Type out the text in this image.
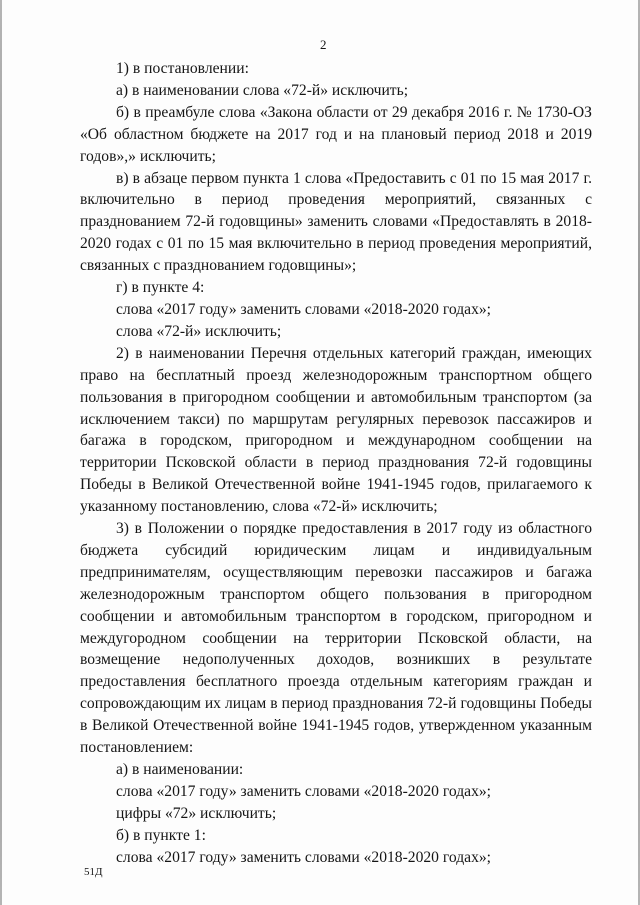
2

1) в постановлении:

а) в наименовании слова «72-й» исключить;

б) в преамбуле слова «Закона области от 29 декабря 2016 г. № 1730-ОЗ «Об областном бюджете на 2017 год и на плановый период 2018 и 2019 годов»,» исключить;

в) в абзаце первом пункта 1 слова «Предоставить с 01 по 15 мая 2017 г. включительно в период проведения мероприятий, связанных с празднованием 72-й годовщины» заменить словами «Предоставлять в 2018-2020 годах с 01 по 15 мая включительно в период проведения мероприятий, связанных с празднованием годовщины»;

г) в пункте 4:

слова «2017 году» заменить словами «2018-2020 годах»;

слова «72-й» исключить;

2) в наименовании Перечня отдельных категорий граждан, имеющих право на бесплатный проезд железнодорожным транспортном общего пользования в пригородном сообщении и автомобильным транспортом (за исключением такси) по маршрутам регулярных перевозок пассажиров и багажа в городском, пригородном и международном сообщении на территории Псковской области в период празднования 72-й годовщины Победы в Великой Отечественной войне 1941-1945 годов, прилагаемого к указанному постановлению, слова «72-й» исключить;

3) в Положении о порядке предоставления в 2017 году из областного бюджета субсидий юридическим лицам и индивидуальным предпринимателям, осуществляющим перевозки пассажиров и багажа железнодорожным транспортом общего пользования в пригородном сообщении и автомобильным транспортом в городском, пригородном и междугородном сообщении на территории Псковской области, на возмещение недополученных доходов, возникших в результате предоставления бесплатного проезда отдельным категориям граждан и сопровождающим их лицам в период празднования 72-й годовщины Победы в Великой Отечественной войне 1941-1945 годов, утвержденном указанным постановлением:

а) в наименовании:

слова «2017 году» заменить словами «2018-2020 годах»;

цифры «72» исключить;

б) в пункте 1:

слова «2017 году» заменить словами «2018-2020 годах»;

51Д
